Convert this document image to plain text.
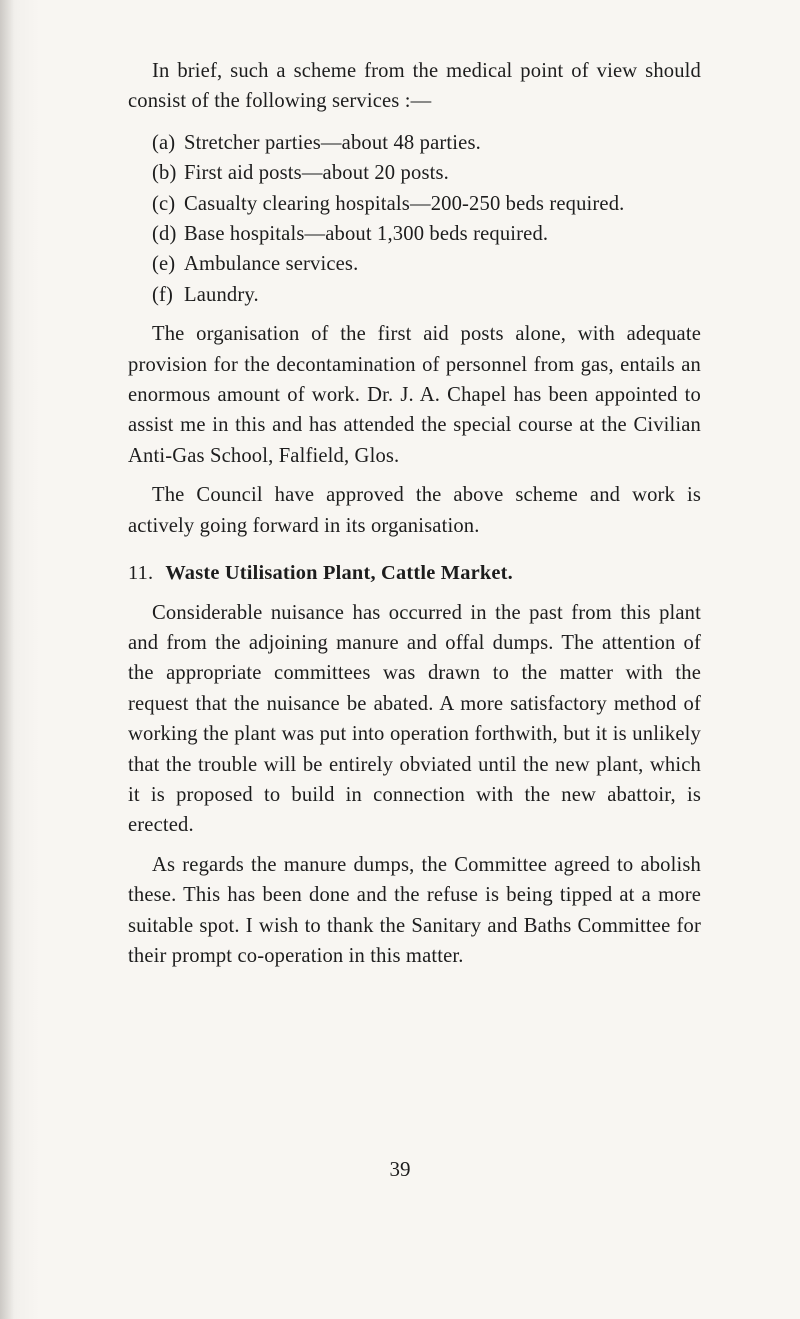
In brief, such a scheme from the medical point of view should consist of the following services :—

(a) Stretcher parties—about 48 parties.
(b) First aid posts—about 20 posts.
(c) Casualty clearing hospitals—200-250 beds required.
(d) Base hospitals—about 1,300 beds required.
(e) Ambulance services.
(f) Laundry.

The organisation of the first aid posts alone, with adequate provision for the decontamination of personnel from gas, entails an enormous amount of work. Dr. J. A. Chapel has been appointed to assist me in this and has attended the special course at the Civilian Anti-Gas School, Falfield, Glos.

The Council have approved the above scheme and work is actively going forward in its organisation.

11. Waste Utilisation Plant, Cattle Market.

Considerable nuisance has occurred in the past from this plant and from the adjoining manure and offal dumps. The attention of the appropriate committees was drawn to the matter with the request that the nuisance be abated. A more satisfactory method of working the plant was put into operation forthwith, but it is unlikely that the trouble will be entirely obviated until the new plant, which it is proposed to build in connection with the new abattoir, is erected.

As regards the manure dumps, the Committee agreed to abolish these. This has been done and the refuse is being tipped at a more suitable spot. I wish to thank the Sanitary and Baths Committee for their prompt co-operation in this matter.

39
